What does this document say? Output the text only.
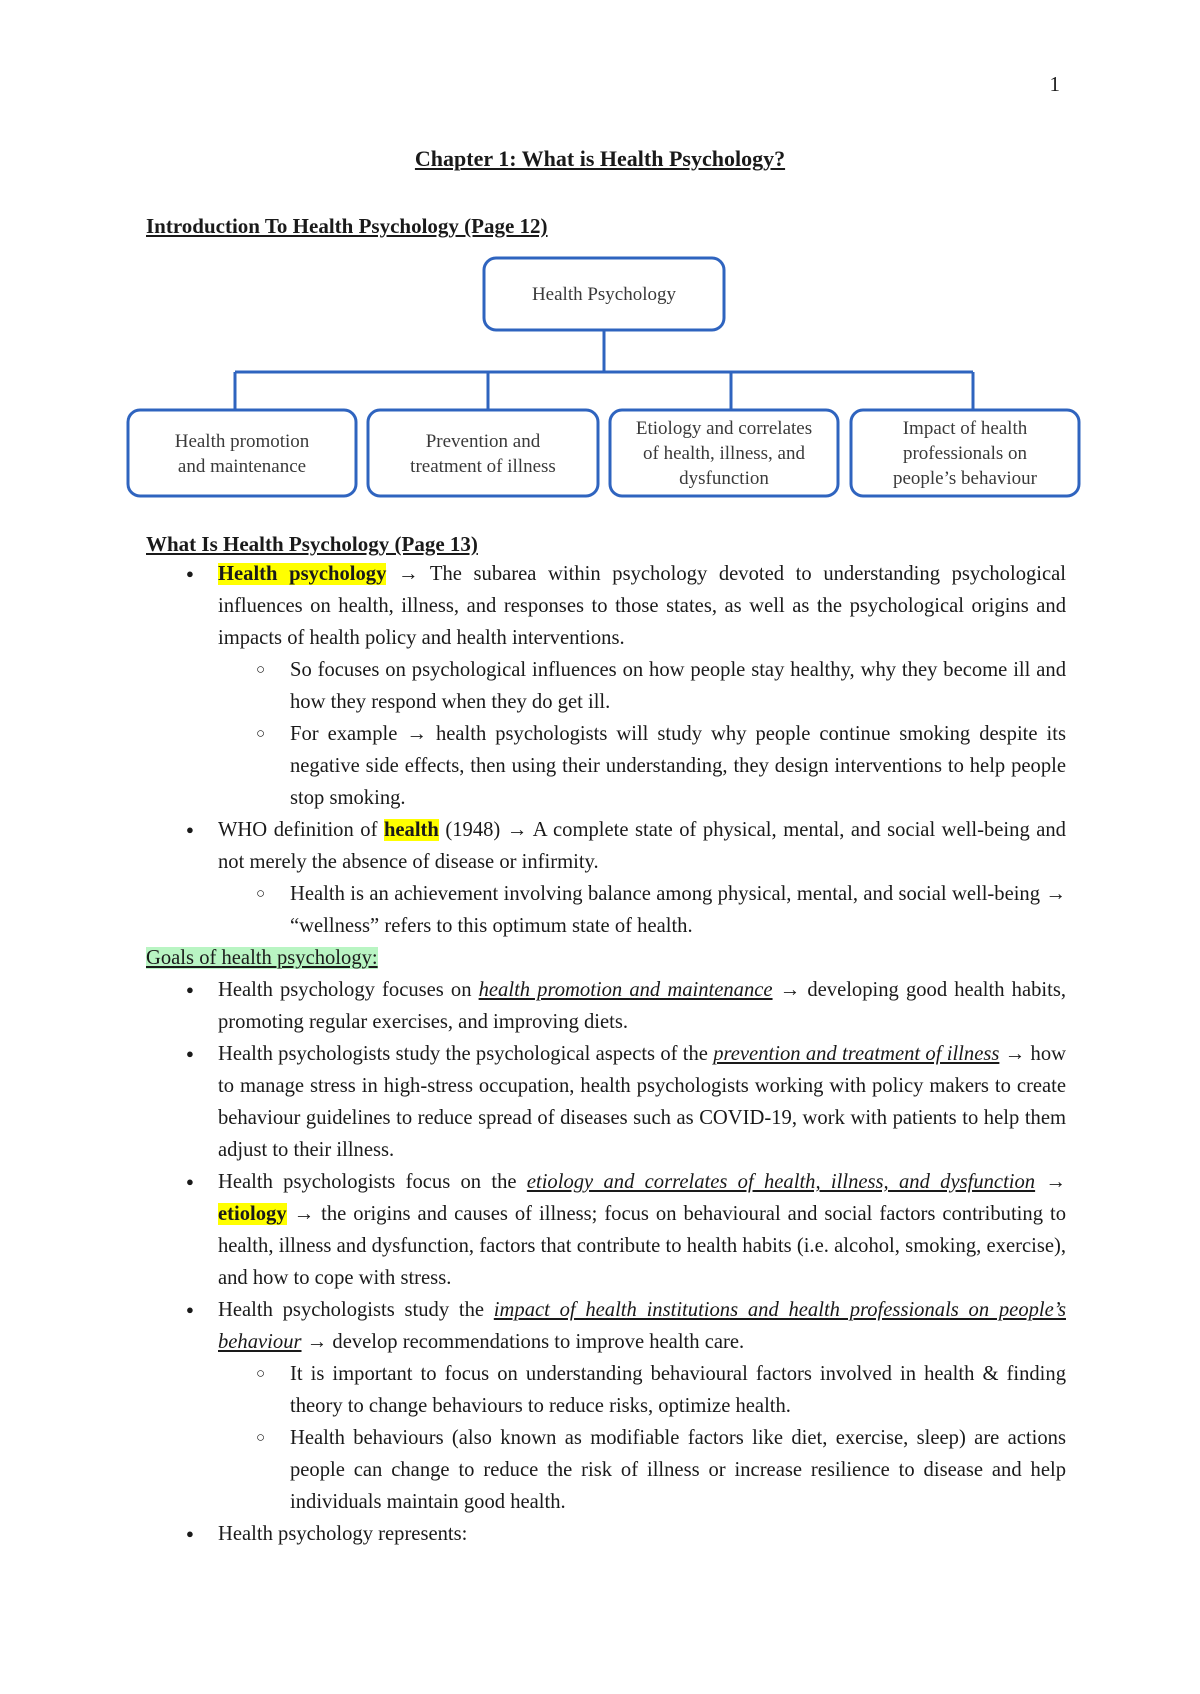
1
Chapter 1: What is Health Psychology?
Introduction To Health Psychology (Page 12)
Health Psychology
Health promotion
and maintenance
Prevention and
treatment of illness
Etiology and correlates
of health, illness, and
dysfunction
Impact of health
professionals on
people’s behaviour
What Is Health Psychology (Page 13)
● Health psychology → The subarea within psychology devoted to understanding psychological influences on health, illness, and responses to those states, as well as the psychological origins and impacts of health policy and health interventions.
○ So focuses on psychological influences on how people stay healthy, why they become ill and how they respond when they do get ill.
○ For example → health psychologists will study why people continue smoking despite its negative side effects, then using their understanding, they design interventions to help people stop smoking.
● WHO definition of health (1948) → A complete state of physical, mental, and social well-being and not merely the absence of disease or infirmity.
○ Health is an achievement involving balance among physical, mental, and social well-being → “wellness” refers to this optimum state of health.

Goals of health psychology:

● Health psychology focuses on health promotion and maintenance → developing good health habits, promoting regular exercises, and improving diets.
● Health psychologists study the psychological aspects of the prevention and treatment of illness → how to manage stress in high-stress occupation, health psychologists working with policy makers to create behaviour guidelines to reduce spread of diseases such as COVID-19, work with patients to help them adjust to their illness.
● Health psychologists focus on the etiology and correlates of health, illness, and dysfunction → etiology → the origins and causes of illness; focus on behavioural and social factors contributing to health, illness and dysfunction, factors that contribute to health habits (i.e. alcohol, smoking, exercise), and how to cope with stress.
● Health psychologists study the impact of health institutions and health professionals on people’s behaviour → develop recommendations to improve health care.
○ It is important to focus on understanding behavioural factors involved in health & finding theory to change behaviours to reduce risks, optimize health.
○ Health behaviours (also known as modifiable factors like diet, exercise, sleep) are actions people can change to reduce the risk of illness or increase resilience to disease and help individuals maintain good health.
● Health psychology represents:
